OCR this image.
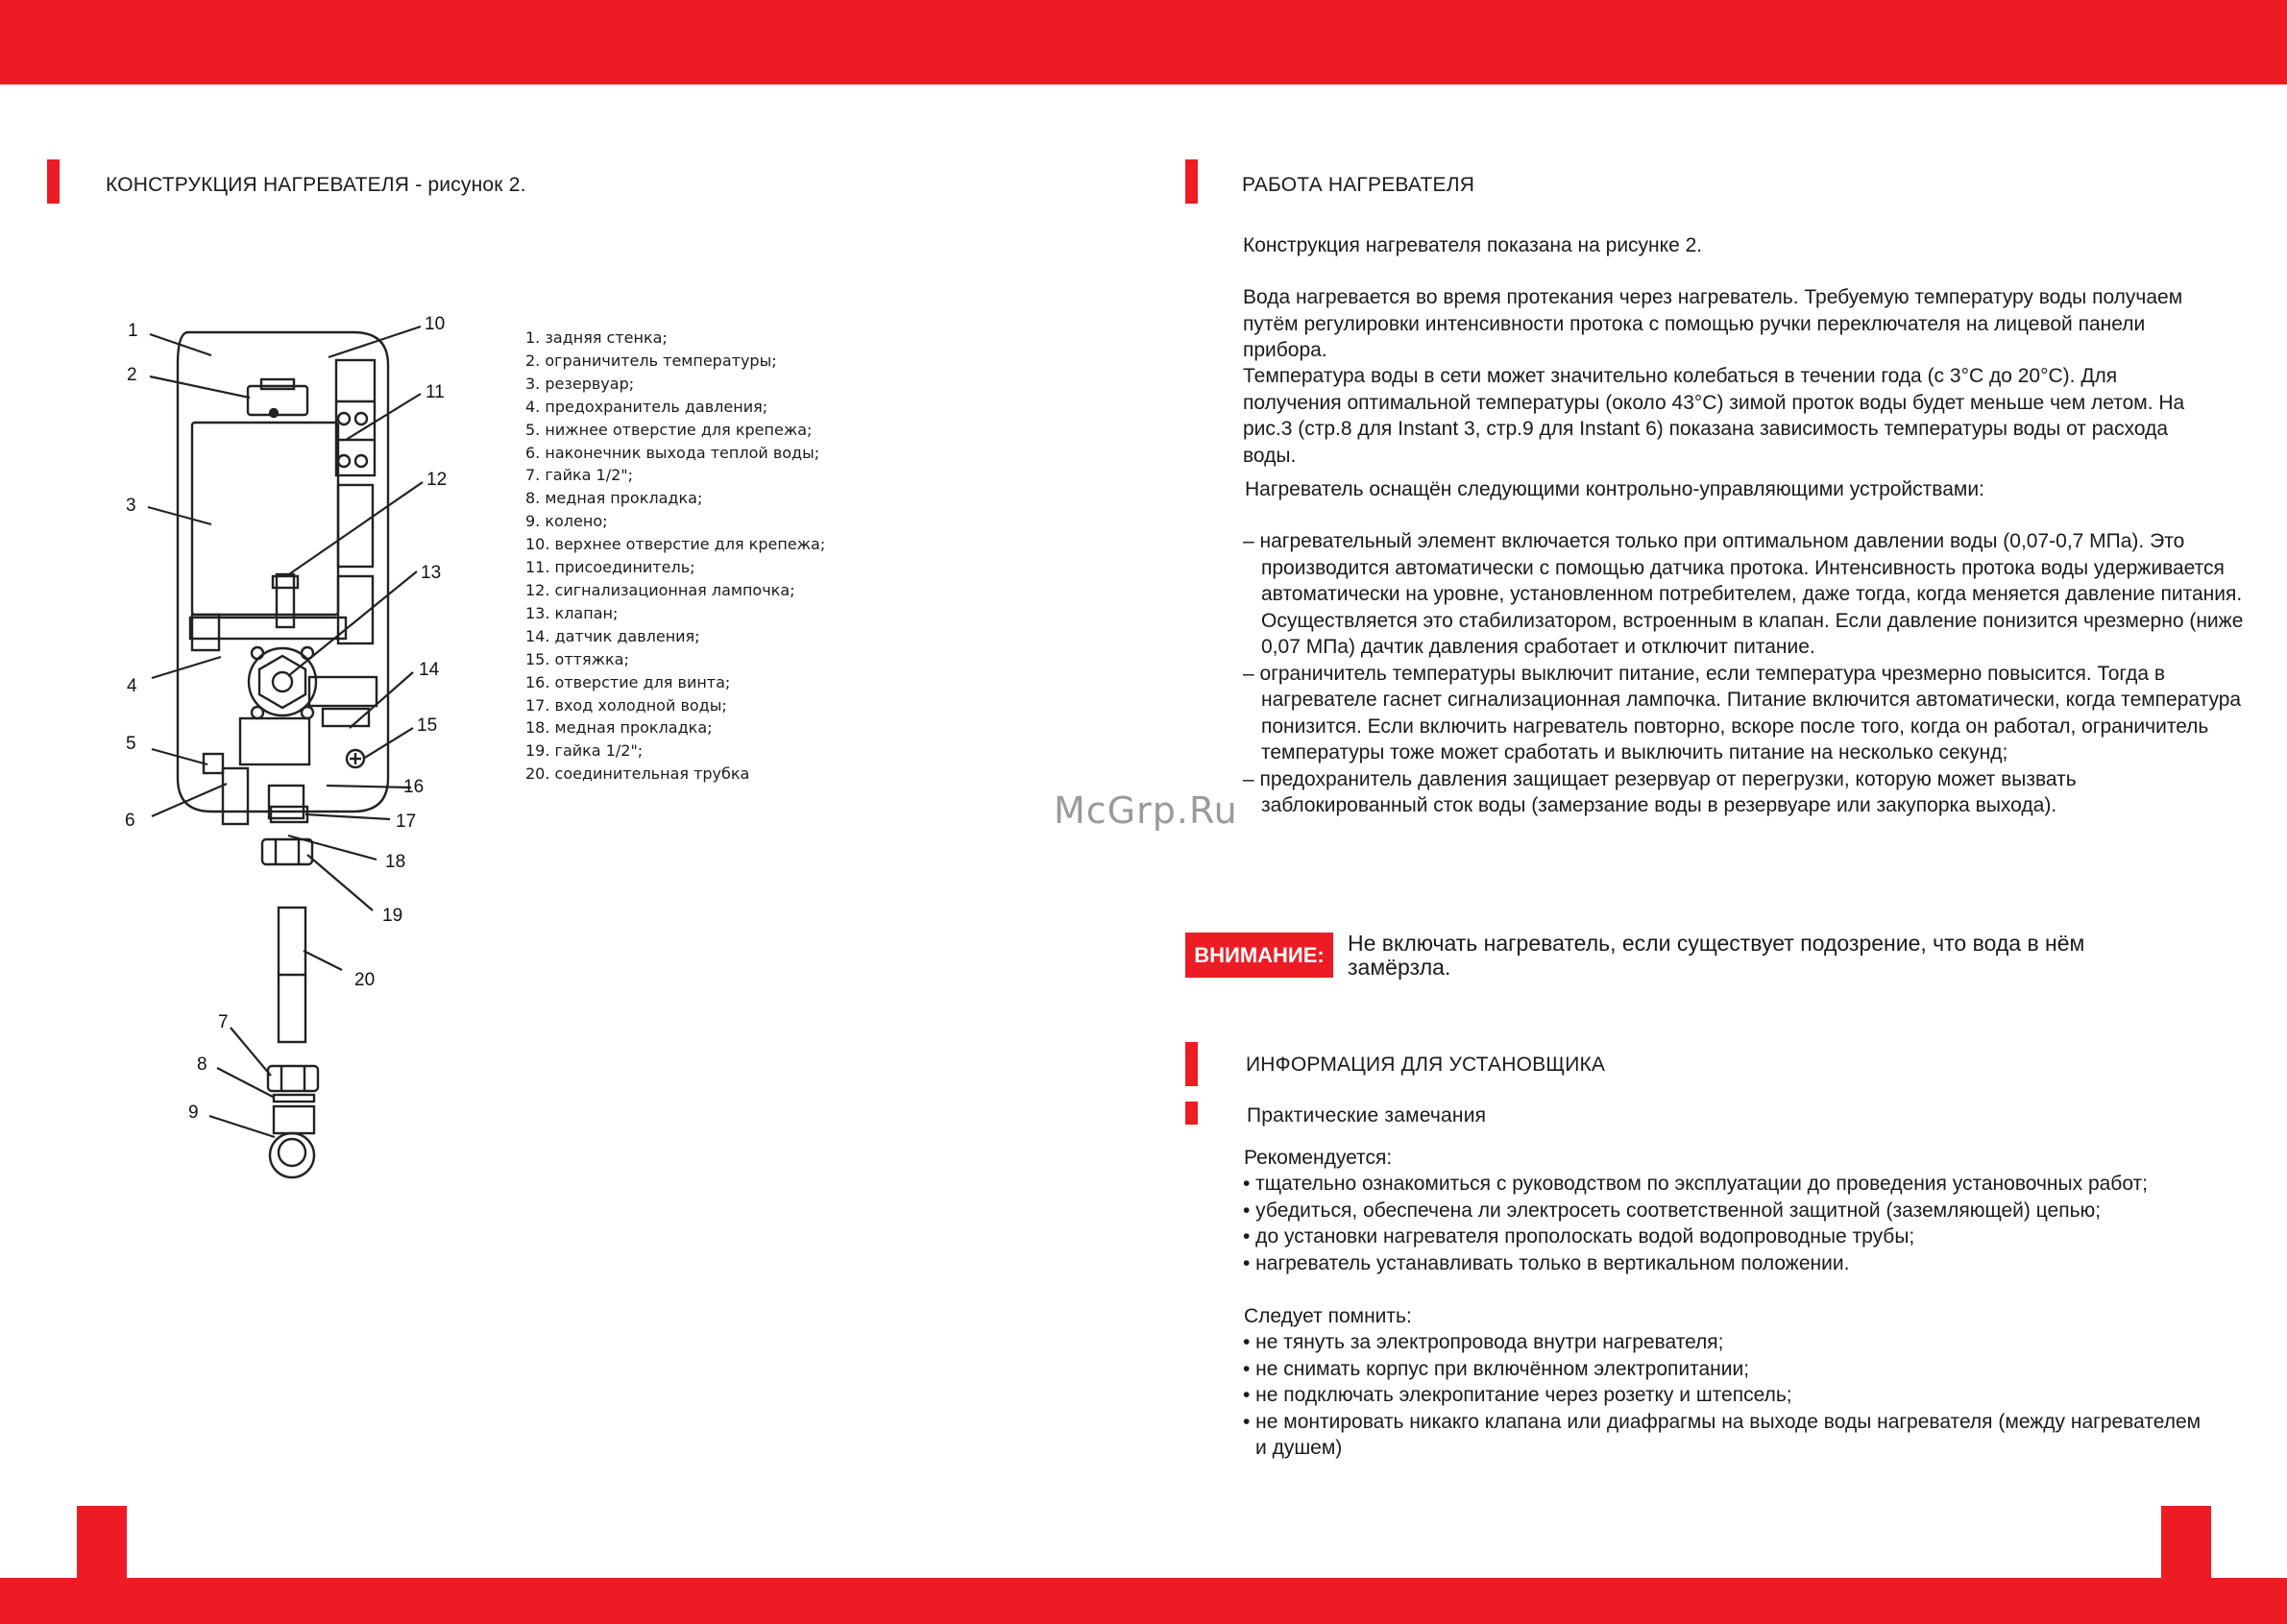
КОНСТРУКЦИЯ НАГРЕВАТЕЛЯ - рисунок 2.
1
2
3
4
5
6
7
8
9
10
11
12
13
14
15
16
17
18
19
20
1. задняя стенка;
2. ограничитель температуры;
3. резервуар;
4. предохранитель давления;
5. нижнее отверстие для крепежа;
6. наконечник выхода теплой воды;
7. гайка 1/2";
8. медная прокладка;
9. колено;
10. верхнее отверстие для крепежа;
11. присоединитель;
12. сигнализационная лампочка;
13. клапан;
14. датчик давления;
15. оттяжка;
16. отверстие для винта;
17. вход холодной воды;
18. медная прокладка;
19. гайка 1/2";
20. соединительная трубка
РАБОТА НАГРЕВАТЕЛЯ

Конструкция нагревателя показана на рисунке 2.

Вода нагревается во время протекания через нагреватель. Требуемую температуру воды получаем путём регулировки интенсивности протока с помощью ручки переключателя на лицевой панели прибора.

Температура воды в сети может значительно колебаться в течении года (с 3°C до 20°C). Для получения оптимальной температуры (около 43°C) зимой проток воды будет меньше чем летом. На рис.3 (стр.8 для Instant 3, стр.9 для Instant 6) показана зависимость температуры воды от расхода воды.

Нагреватель оснащён следующими контрольно-управляющими устройствами:

– нагревательный элемент включается только при оптимальном давлении воды (0,07-0,7 МПа). Это производится автоматически с помощью датчика протока. Интенсивность протока воды удерживается автоматически на уровне, установленном потребителем, даже тогда, когда меняется давление питания. Осуществляется это стабилизатором, встроенным в клапан. Если давление понизится чрезмерно (ниже 0,07 МПа) дачтик давления сработает и отключит питание.
– ограничитель температуры выключит питание, если температура чрезмерно повысится. Тогда в нагревателе гаснет сигнализационная лампочка. Питание включится автоматически, когда температура понизится. Если включить нагреватель повторно, вскоре после того, когда он работал, ограничитель температуры тоже может сработать и выключить питание на несколько секунд;
– предохранитель давления защищает резервуар от перегрузки, которую может вызвать заблокированный сток воды (замерзание воды в резервуаре или закупорка выхода).
ВНИМАНИЕ:	Не включать нагреватель, если существует подозрение, что вода в нём замёрзла.

ИНФОРМАЦИЯ ДЛЯ УСТАНОВЩИКА
Практические замечания

Рекомендуется:

• тщательно ознакомиться с руководством по эксплуатации до проведения установочных работ;
• убедиться, обеспечена ли электросеть соответственной защитной (заземляющей) цепью;
• до установки нагревателя прополоскать водой водопроводные трубы;
• нагреватель устанавливать только в вертикальном положении.

Следует помнить:

• не тянуть за электропровода внутри нагревателя;
• не снимать корпус при включённом электропитании;
• не подключать элекропитание через розетку и штепсель;
• не монтировать никакго клапана или диафрагмы на выходе воды нагревателя (между нагревателем и душем)
McGrp.Ru
